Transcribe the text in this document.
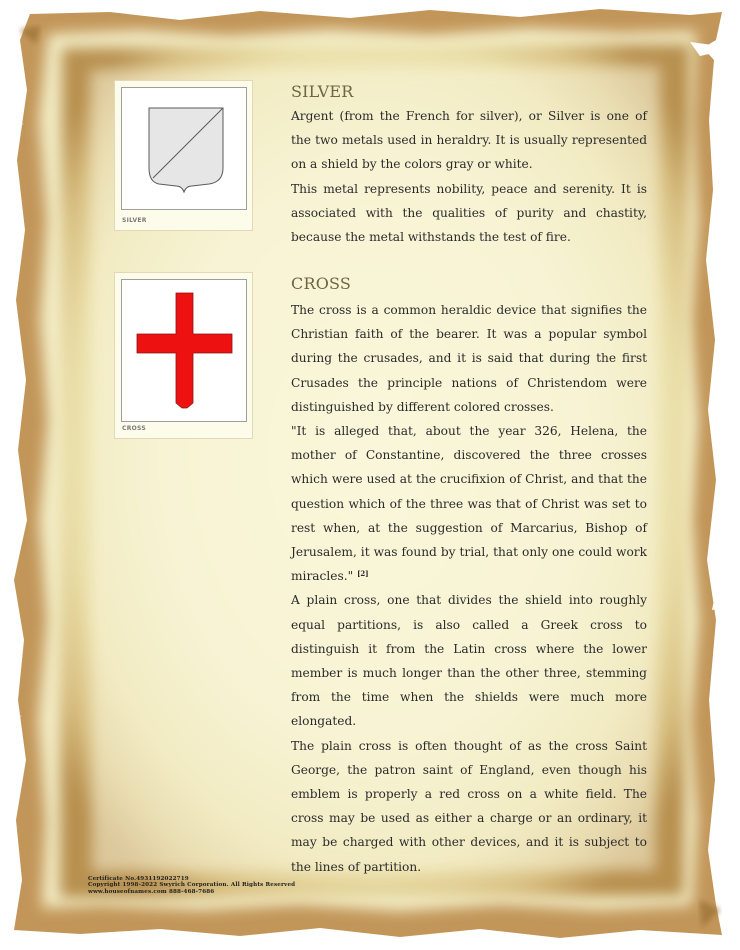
SILVER
SILVER

Argent (from the French for silver), or Silver is one of the two metals used in heraldry. It is usually represented on a shield by the colors gray or white.

This metal represents nobility, peace and serenity. It is associated with the qualities of purity and chastity, because the metal withstands the test of fire.

CROSS
CROSS

The cross is a common heraldic device that signifies the Christian faith of the bearer. It was a popular symbol during the crusades, and it is said that during the first Crusades the principle nations of Christendom were distinguished by different colored crosses.

"It is alleged that, about the year 326, Helena, the mother of Constantine, discovered the three crosses which were used at the crucifixion of Christ, and that the question which of the three was that of Christ was set to rest when, at the suggestion of Marcarius, Bishop of Jerusalem, it was found by trial, that only one could work miracles." [2]

A plain cross, one that divides the shield into roughly equal partitions, is also called a Greek cross to distinguish it from the Latin cross where the lower member is much longer than the other three, stemming from the time when the shields were much more elongated.

The plain cross is often thought of as the cross Saint George, the patron saint of England, even though his emblem is properly a red cross on a white field. The cross may be used as either a charge or an ordinary, it may be charged with other devices, and it is subject to the lines of partition.

Certificate No.4931192022719
Copyright 1998-2022 Swyrich Corporation. All Rights Reserved
www.houseofnames.com 888-468-7686
